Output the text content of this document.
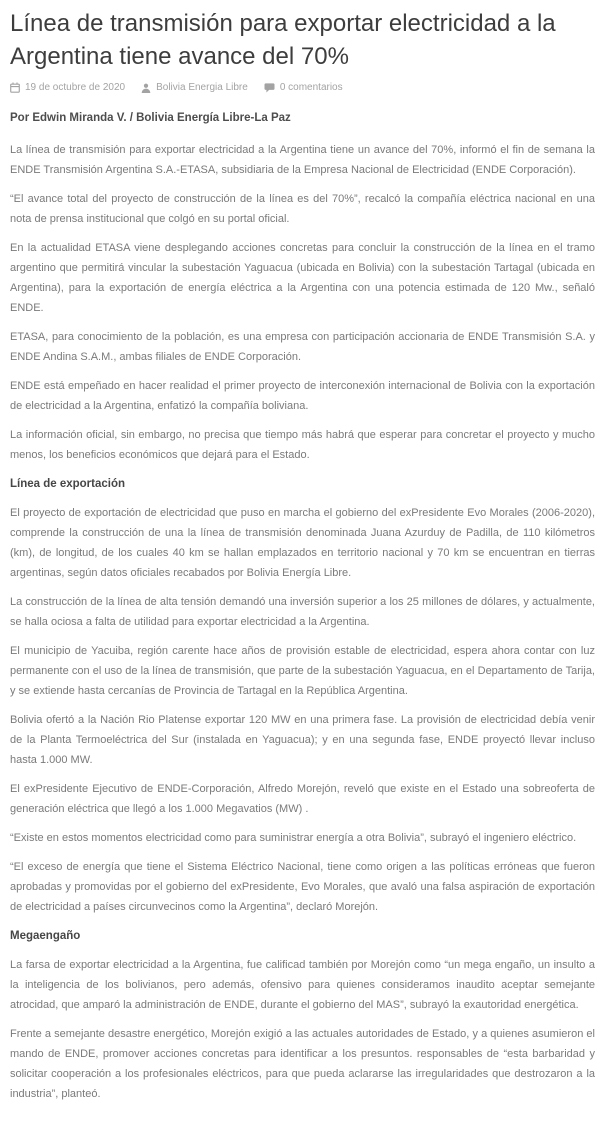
Línea de transmisión para exportar electricidad a la Argentina tiene avance del 70%
19 de octubre de 2020	Bolivia Energia Libre	0 comentarios

Por Edwin Miranda V. / Bolivia Energía Libre-La Paz

La línea de transmisión para exportar electricidad a la Argentina tiene un avance del 70%, informó el fin de semana la ENDE Transmisión Argentina S.A.-ETASA, subsidiaria de la Empresa Nacional de Electricidad (ENDE Corporación).

“El avance total del proyecto de construcción de la línea es del 70%”, recalcó la compañía eléctrica nacional en una nota de prensa institucional que colgó en su portal oficial.

En la actualidad ETASA viene desplegando acciones concretas para concluir la construcción de la línea en el tramo argentino que permitirá vincular la subestación Yaguacua (ubicada en Bolivia) con la subestación Tartagal (ubicada en Argentina), para la exportación de energía eléctrica a la Argentina con una potencia estimada de 120 Mw., señaló ENDE.

ETASA, para conocimiento de la población, es una empresa con participación accionaria de ENDE Transmisión S.A. y ENDE Andina S.A.M., ambas filiales de ENDE Corporación.

ENDE está empeñado en hacer realidad el primer proyecto de interconexión internacional de Bolivia con la exportación de electricidad a la Argentina, enfatizó la compañía boliviana.

La información oficial, sin embargo, no precisa que tiempo más habrá que esperar para concretar el proyecto y mucho menos, los beneficios económicos que dejará para el Estado.

Línea de exportación

El proyecto de exportación de electricidad que puso en marcha el gobierno del exPresidente Evo Morales (2006-2020), comprende la construcción de una la línea de transmisión denominada Juana Azurduy de Padilla, de 110 kilómetros (km), de longitud, de los cuales 40 km se hallan emplazados en territorio nacional y 70 km se encuentran en tierras argentinas, según datos oficiales recabados por Bolivia Energía Libre.

La construcción de la línea de alta tensión demandó una inversión superior a los 25 millones de dólares, y actualmente, se halla ociosa a falta de utilidad para exportar electricidad a la Argentina.

El municipio de Yacuiba, región carente hace años de provisión estable de electricidad, espera ahora contar con luz permanente con el uso de la línea de transmisión, que parte de la subestación Yaguacua, en el Departamento de Tarija, y se extiende hasta cercanías de Provincia de Tartagal en la República Argentina.

Bolivia ofertó a la Nación Rio Platense exportar 120 MW en una primera fase. La provisión de electricidad debía venir de la Planta Termoeléctrica del Sur (instalada en Yaguacua); y en una segunda fase, ENDE proyectó llevar incluso hasta 1.000 MW.

El exPresidente Ejecutivo de ENDE-Corporación, Alfredo Morejón, reveló que existe en el Estado una sobreoferta de generación eléctrica que llegó a los 1.000 Megavatios (MW) .

“Existe en estos momentos electricidad como para suministrar energía a otra Bolivia”, subrayó el ingeniero eléctrico.

“El exceso de energía que tiene el Sistema Eléctrico Nacional, tiene como origen a las políticas erróneas que fueron aprobadas y promovidas por el gobierno del exPresidente, Evo Morales, que avaló una falsa aspiración de exportación de electricidad a países circunvecinos como la Argentina”, declaró Morejón.

Megaengaño

La farsa de exportar electricidad a la Argentina, fue calificad también por Morejón como “un mega engaño, un insulto a la inteligencia de los bolivianos, pero además, ofensivo para quienes consideramos inaudito aceptar semejante atrocidad, que amparó la administración de ENDE, durante el gobierno del MAS”, subrayó la exautoridad energética.

Frente a semejante desastre energético, Morejón exigió a las actuales autoridades de Estado, y a quienes asumieron el mando de ENDE, promover acciones concretas para identificar a los presuntos. responsables de “esta barbaridad y solicitar cooperación a los profesionales eléctricos, para que pueda aclararse las irregularidades que destrozaron a la industria”, planteó.
